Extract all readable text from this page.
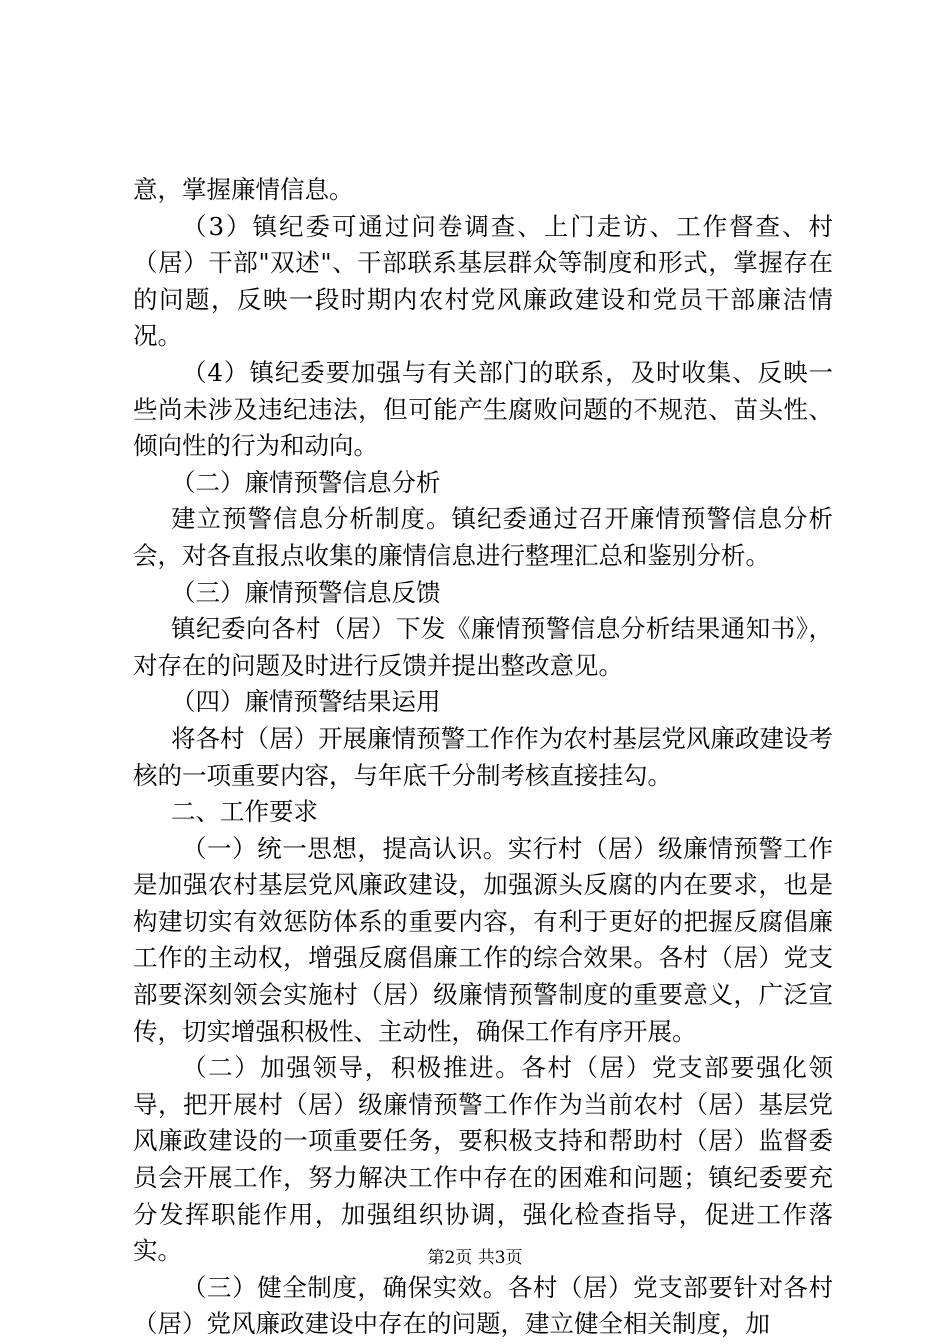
意，掌握廉情信息。

（3）镇纪委可通过问卷调查、上门走访、工作督查、村（居）干部"双述"、干部联系基层群众等制度和形式，掌握存在的问题，反映一段时期内农村党风廉政建设和党员干部廉洁情况。

（4）镇纪委要加强与有关部门的联系，及时收集、反映一些尚未涉及违纪违法，但可能产生腐败问题的不规范、苗头性、倾向性的行为和动向。

（二）廉情预警信息分析

建立预警信息分析制度。镇纪委通过召开廉情预警信息分析会，对各直报点收集的廉情信息进行整理汇总和鉴别分析。

（三）廉情预警信息反馈

镇纪委向各村（居）下发《廉情预警信息分析结果通知书》，对存在的问题及时进行反馈并提出整改意见。

（四）廉情预警结果运用

将各村（居）开展廉情预警工作作为农村基层党风廉政建设考核的一项重要内容，与年底千分制考核直接挂勾。

二、工作要求

（一）统一思想，提高认识。实行村（居）级廉情预警工作是加强农村基层党风廉政建设，加强源头反腐的内在要求，也是构建切实有效惩防体系的重要内容，有利于更好的把握反腐倡廉工作的主动权，增强反腐倡廉工作的综合效果。各村（居）党支部要深刻领会实施村（居）级廉情预警制度的重要意义，广泛宣传，切实增强积极性、主动性，确保工作有序开展。

（二）加强领导，积极推进。各村（居）党支部要强化领导，把开展村（居）级廉情预警工作作为当前农村（居）基层党风廉政建设的一项重要任务，要积极支持和帮助村（居）监督委员会开展工作，努力解决工作中存在的困难和问题；镇纪委要充分发挥职能作用，加强组织协调，强化检查指导，促进工作落实。

（三）健全制度，确保实效。各村（居）党支部要针对各村（居）党风廉政建设中存在的问题，建立健全相关制度，加

第2页 共3页
